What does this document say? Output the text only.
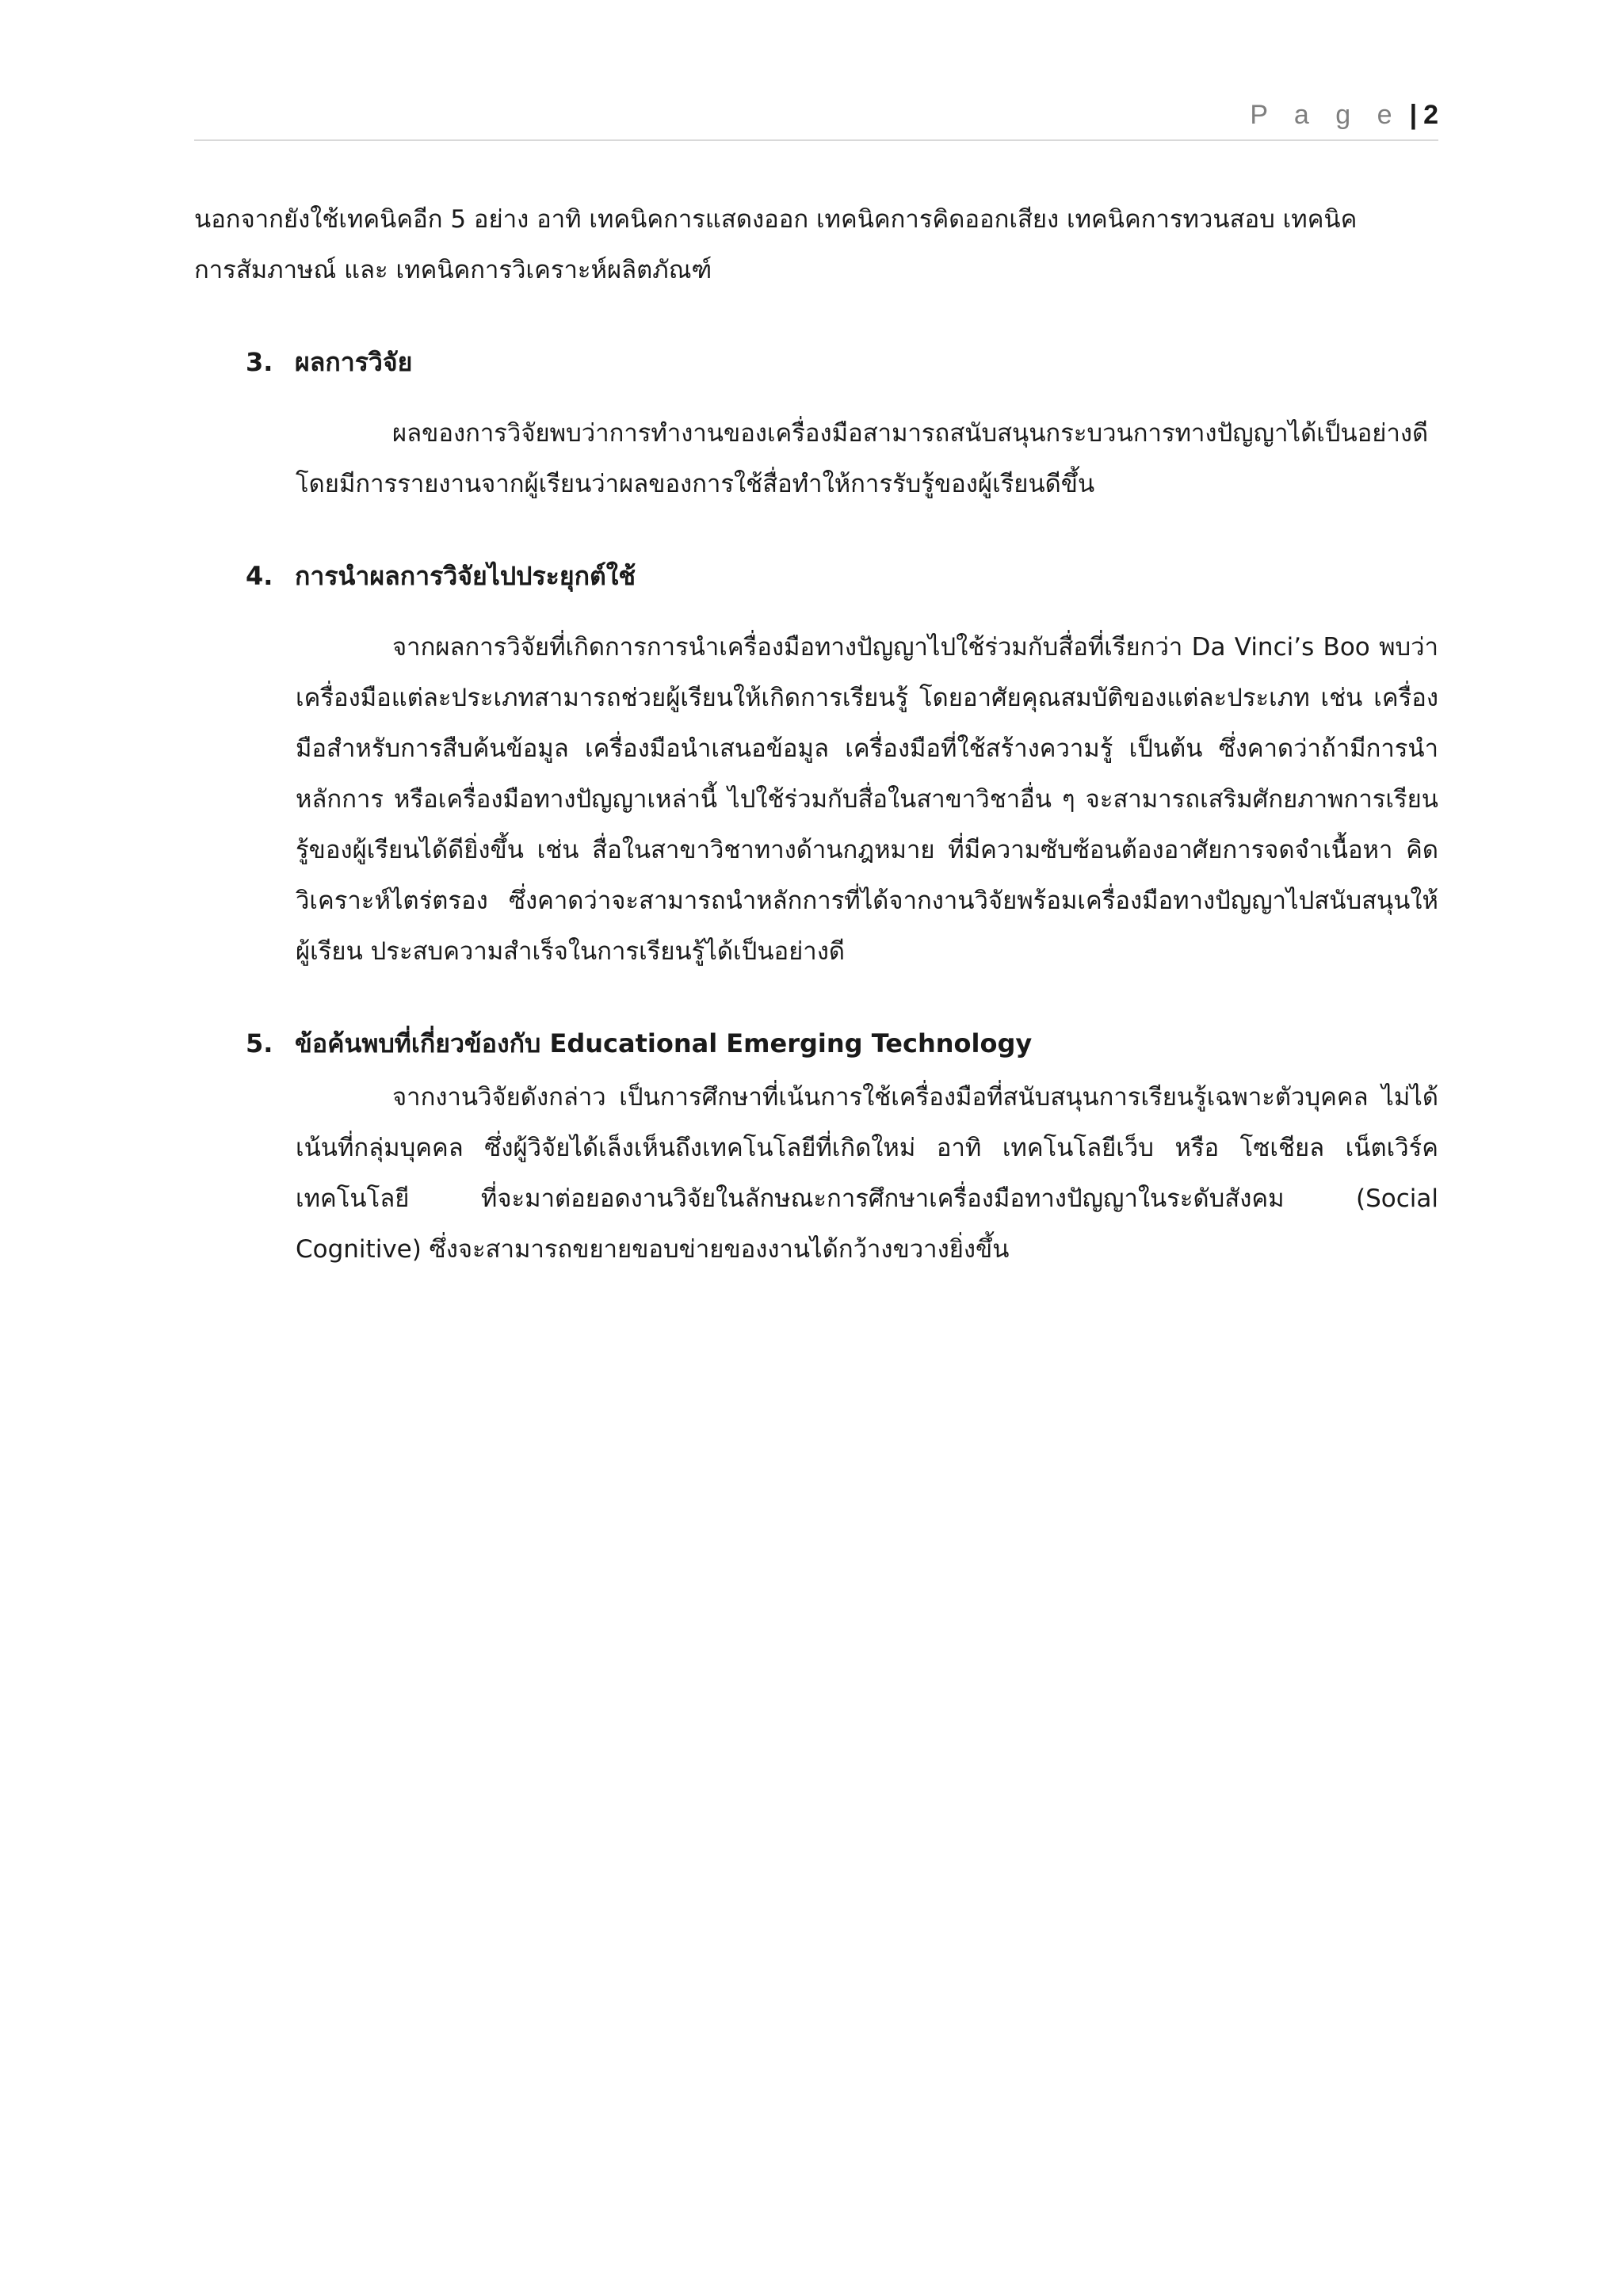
P a g e | 2

นอกจากยังใช้เทคนิคอีก 5 อย่าง อาทิ เทคนิคการแสดงออก เทคนิคการคิดออกเสียง เทคนิคการทวนสอบ เทคนิคการสัมภาษณ์ และ เทคนิคการวิเคราะห์ผลิตภัณฑ์

3. ผลการวิจัย

ผลของการวิจัยพบว่าการทำงานของเครื่องมือสามารถสนับสนุนกระบวนการทางปัญญาได้เป็นอย่างดี โดยมีการรายงานจากผู้เรียนว่าผลของการใช้สื่อทำให้การรับรู้ของผู้เรียนดีขึ้น

4. การนำผลการวิจัยไปประยุกต์ใช้

จากผลการวิจัยที่เกิดการการนำเครื่องมือทางปัญญาไปใช้ร่วมกับสื่อที่เรียกว่า Da Vinci’s Boo พบว่าเครื่องมือแต่ละประเภทสามารถช่วยผู้เรียนให้เกิดการเรียนรู้ โดยอาศัยคุณสมบัติของแต่ละประเภท เช่น เครื่องมือสำหรับการสืบค้นข้อมูล เครื่องมือนำเสนอข้อมูล เครื่องมือที่ใช้สร้างความรู้ เป็นต้น ซึ่งคาดว่าถ้ามีการนำหลักการ หรือเครื่องมือทางปัญญาเหล่านี้ ไปใช้ร่วมกับสื่อในสาขาวิชาอื่น ๆ จะสามารถเสริมศักยภาพการเรียนรู้ของผู้เรียนได้ดียิ่งขึ้น เช่น สื่อในสาขาวิชาทางด้านกฎหมาย ที่มีความซับซ้อนต้องอาศัยการจดจำเนื้อหา คิดวิเคราะห์ไตร่ตรอง ซึ่งคาดว่าจะสามารถนำหลักการที่ได้จากงานวิจัยพร้อมเครื่องมือทางปัญญาไปสนับสนุนให้ผู้เรียน ประสบความสำเร็จในการเรียนรู้ได้เป็นอย่างดี

5. ข้อค้นพบที่เกี่ยวข้องกับ Educational Emerging Technology

จากงานวิจัยดังกล่าว เป็นการศึกษาที่เน้นการใช้เครื่องมือที่สนับสนุนการเรียนรู้เฉพาะตัวบุคคล ไม่ได้เน้นที่กลุ่มบุคคล ซึ่งผู้วิจัยได้เล็งเห็นถึงเทคโนโลยีที่เกิดใหม่ อาทิ เทคโนโลยีเว็บ หรือ โซเชียล เน็ตเวิร์ค เทคโนโลยี ที่จะมาต่อยอดงานวิจัยในลักษณะการศึกษาเครื่องมือทางปัญญาในระดับสังคม (Social Cognitive) ซึ่งจะสามารถขยายขอบข่ายของงานได้กว้างขวางยิ่งขึ้น
